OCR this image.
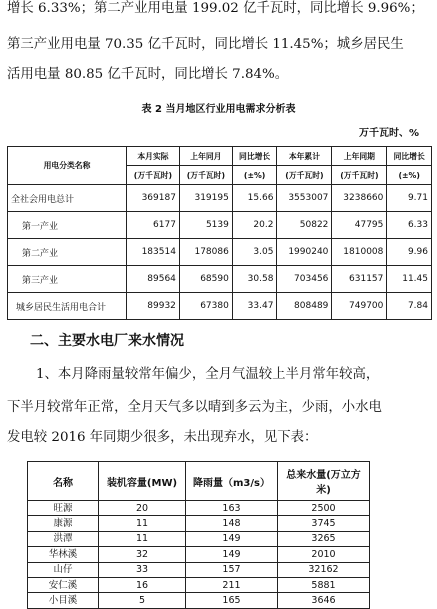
增长 6.33%；第二产业用电量 199.02 亿千瓦时，同比增长 9.96%；
第三产业用电量 70.35 亿千瓦时，同比增长 11.45%；城乡居民生
活用电量 80.85 亿千瓦时，同比增长 7.84%。
表 2 当月地区行业用电需求分析表
万千瓦时、%
用电分类名称	本月实际	上年同月	同比增长	本年累计	上年同期	同比增长
	(万千瓦时)	(万千瓦时)	(±%)	(万千瓦时)	(万千瓦时)	(±%)
全社会用电总计	369187	319195	15.66	3553007	3238660	9.71
第一产业	6177	5139	20.2	50822	47795	6.33
第二产业	183514	178086	3.05	1990240	1810008	9.96
第三产业	89564	68590	30.58	703456	631157	11.45
城乡居民生活用电合计	89932	67380	33.47	808489	749700	7.84
二、主要水电厂来水情况
1、本月降雨量较常年偏少，全月气温较上半月常年较高，
下半月较常年正常，全月天气多以晴到多云为主，少雨，小水电
发电较 2016 年同期少很多，未出现弃水，见下表：
名称	装机容量(MW)	降雨量（m3/s）	总来水量(万立方米)
旺源	20	163	2500
康源	11	148	3745
洪潭	11	149	3265
华林溪	32	149	2010
山仔	33	157	32162
安仁溪	16	211	5881
小目溪	5	165	3646
